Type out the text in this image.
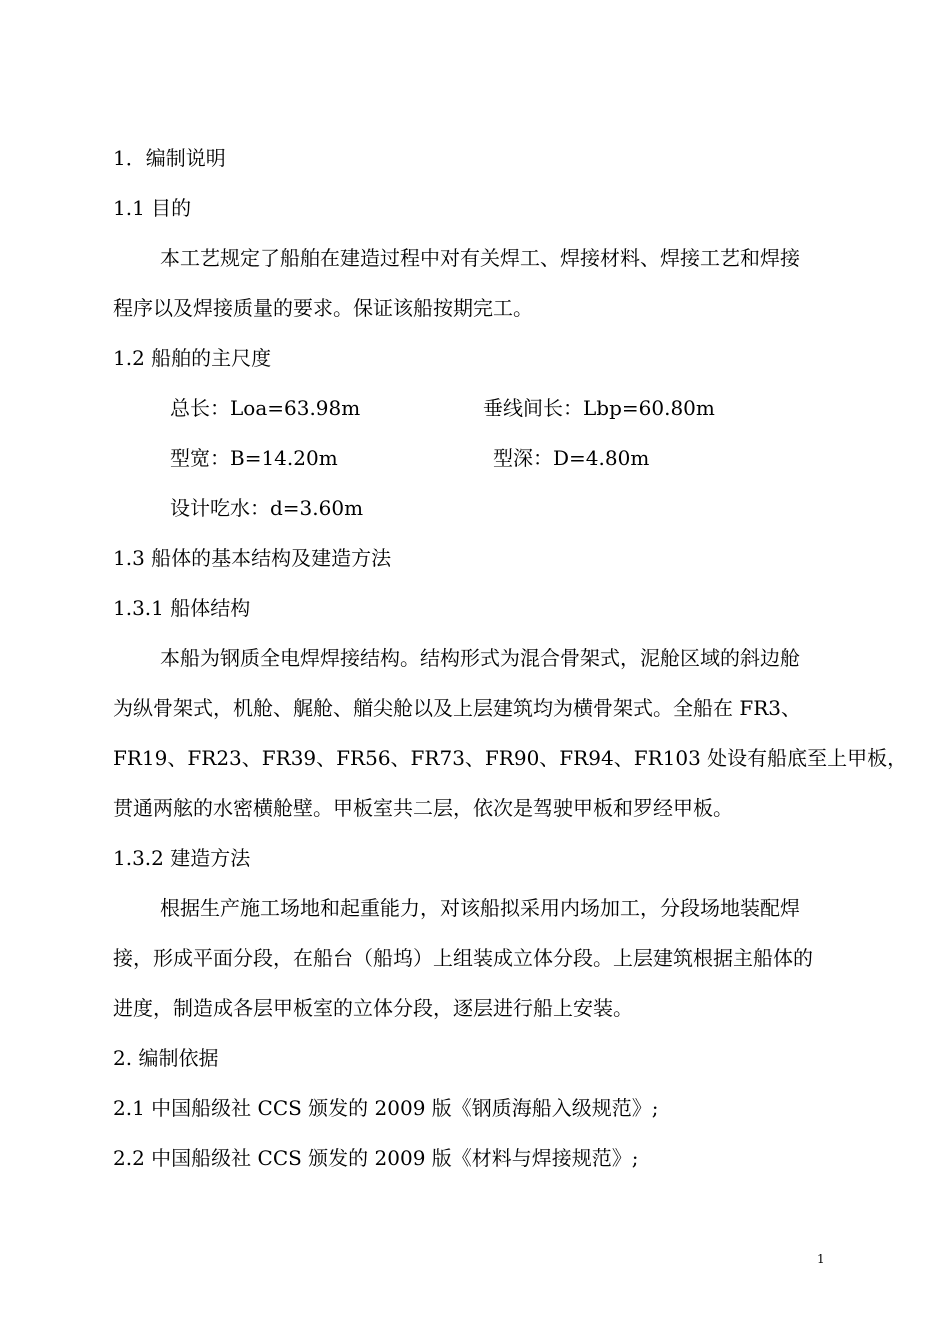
1．编制说明
1.1 目的
本工艺规定了船舶在建造过程中对有关焊工、焊接材料、焊接工艺和焊接
程序以及焊接质量的要求。保证该船按期完工。
1.2 船舶的主尺度
总长：Loa=63.98m	垂线间长：Lbp=60.80m
型宽：B=14.20m	型深：D=4.80m
设计吃水：d=3.60m
1.3 船体的基本结构及建造方法
1.3.1 船体结构
本船为钢质全电焊焊接结构。结构形式为混合骨架式，泥舱区域的斜边舱
为纵骨架式，机舱、艉舱、艏尖舱以及上层建筑均为横骨架式。全船在 FR3、
FR19、FR23、FR39、FR56、FR73、FR90、FR94、FR103 处设有船底至上甲板，
贯通两舷的水密横舱壁。甲板室共二层，依次是驾驶甲板和罗经甲板。
1.3.2 建造方法
根据生产施工场地和起重能力，对该船拟采用内场加工，分段场地装配焊
接，形成平面分段，在船台（船坞）上组装成立体分段。上层建筑根据主船体的
进度，制造成各层甲板室的立体分段，逐层进行船上安装。
2. 编制依据
2.1 中国船级社 CCS 颁发的 2009 版《钢质海船入级规范》;
2.2 中国船级社 CCS 颁发的 2009 版《材料与焊接规范》;
1
